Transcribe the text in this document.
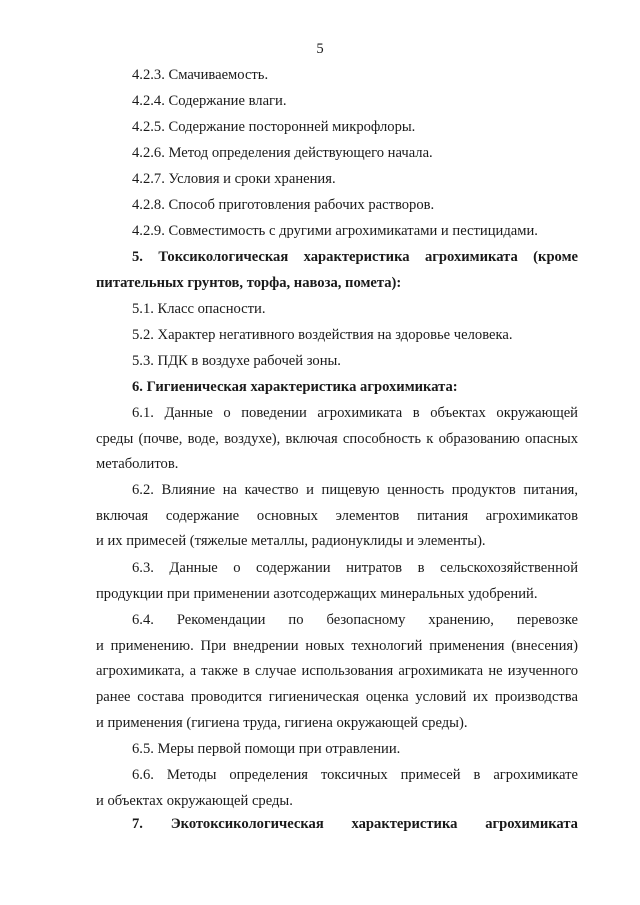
5
4.2.3. Смачиваемость.
4.2.4. Содержание влаги.
4.2.5. Содержание посторонней микрофлоры.
4.2.6. Метод определения действующего начала.
4.2.7. Условия и сроки хранения.
4.2.8. Способ приготовления рабочих растворов.
4.2.9. Совместимость с другими агрохимикатами и пестицидами.
5. Токсикологическая характеристика агрохимиката (кроме
питательных грунтов, торфа, навоза, помета):
5.1. Класс опасности.
5.2. Характер негативного воздействия на здоровье человека.
5.3. ПДК в воздухе рабочей зоны.
6. Гигиеническая характеристика агрохимиката:
6.1. Данные о поведении агрохимиката в объектах окружающей
среды (почве, воде, воздухе), включая способность к образованию опасных
метаболитов.
6.2. Влияние на качество и пищевую ценность продуктов питания,
включая содержание основных элементов питания агрохимикатов
и их примесей (тяжелые металлы, радионуклиды и элементы).
6.3. Данные о содержании нитратов в сельскохозяйственной
продукции при применении азотсодержащих минеральных удобрений.
6.4. Рекомендации по безопасному хранению, перевозке
и применению. При внедрении новых технологий применения (внесения)
агрохимиката, а также в случае использования агрохимиката не изученного
ранее состава проводится гигиеническая оценка условий их производства
и применения (гигиена труда, гигиена окружающей среды).
6.5. Меры первой помощи при отравлении.
6.6. Методы определения токсичных примесей в агрохимикате
и объектах окружающей среды.
7. Экотоксикологическая характеристика агрохимиката
